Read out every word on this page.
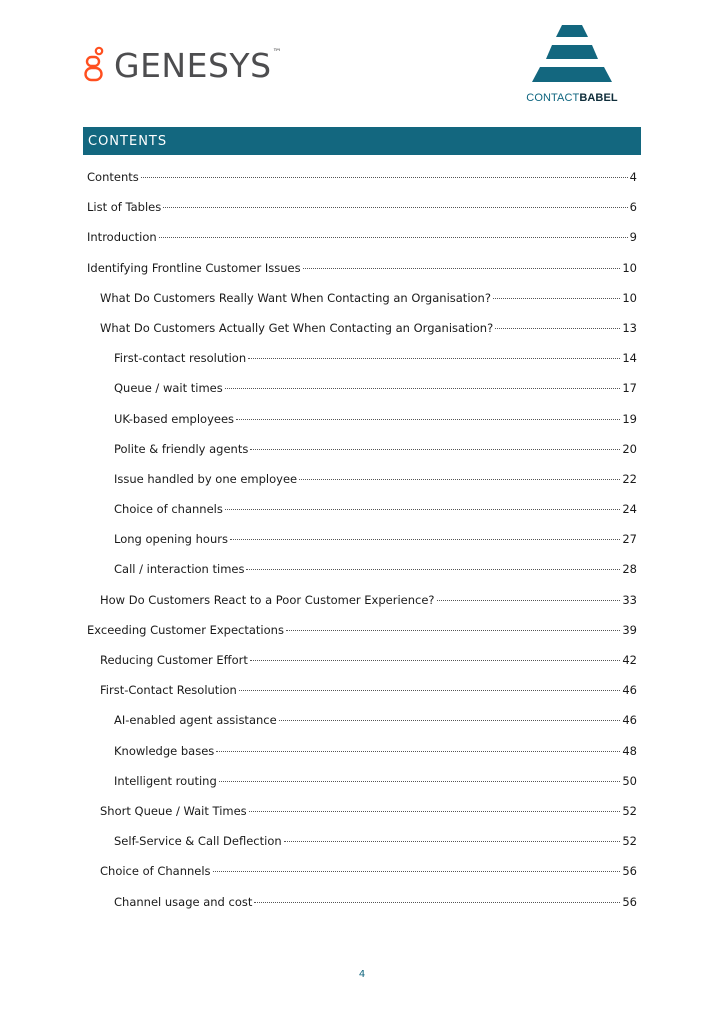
GENESYS™
CONTACTBABEL
CONTENTS
Contents	4
List of Tables	6
Introduction	9
Identifying Frontline Customer Issues	10
What Do Customers Really Want When Contacting an Organisation?	10
What Do Customers Actually Get When Contacting an Organisation?	13
First-contact resolution	14
Queue / wait times	17
UK-based employees	19
Polite & friendly agents	20
Issue handled by one employee	22
Choice of channels	24
Long opening hours	27
Call / interaction times	28
How Do Customers React to a Poor Customer Experience?	33
Exceeding Customer Expectations	39
Reducing Customer Effort	42
First-Contact Resolution	46
AI-enabled agent assistance	46
Knowledge bases	48
Intelligent routing	50
Short Queue / Wait Times	52
Self-Service & Call Deflection	52
Choice of Channels	56
Channel usage and cost	56
4
